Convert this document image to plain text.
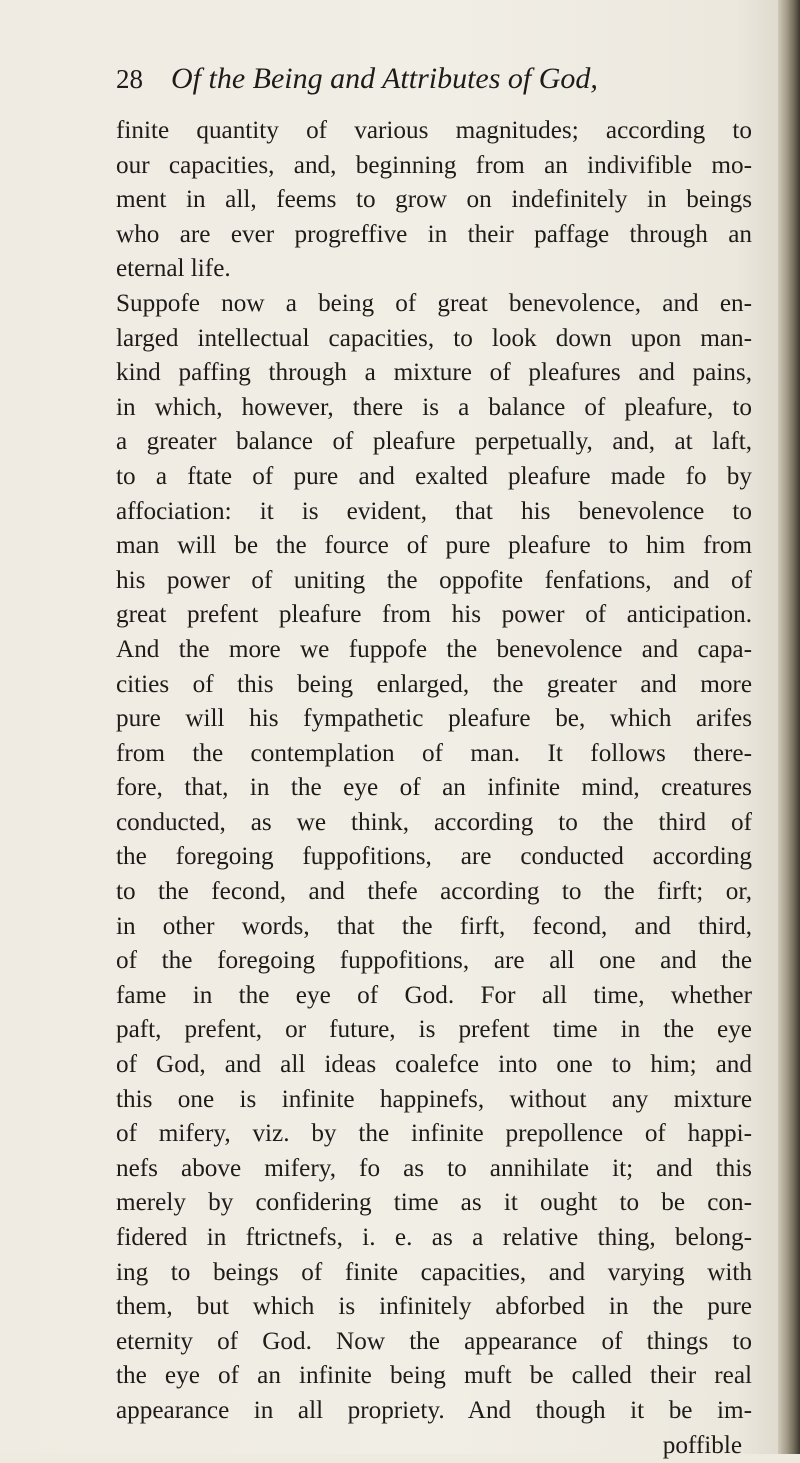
28 Of the Being and Attributes of God,
finite quantity of various magnitudes; according to
our capacities, and, beginning from an indivifible mo-
ment in all, feems to grow on indefinitely in beings
who are ever progreffive in their paffage through an
eternal life.
Suppofe now a being of great benevolence, and en-
larged intellectual capacities, to look down upon man-
kind paffing through a mixture of pleafures and pains,
in which, however, there is a balance of pleafure, to
a greater balance of pleafure perpetually, and, at laft,
to a ftate of pure and exalted pleafure made fo by
affociation: it is evident, that his benevolence to
man will be the fource of pure pleafure to him from
his power of uniting the oppofite fenfations, and of
great prefent pleafure from his power of anticipation.
And the more we fuppofe the benevolence and capa-
cities of this being enlarged, the greater and more
pure will his fympathetic pleafure be, which arifes
from the contemplation of man. It follows there-
fore, that, in the eye of an infinite mind, creatures
conducted, as we think, according to the third of
the foregoing fuppofitions, are conducted according
to the fecond, and thefe according to the firft; or,
in other words, that the firft, fecond, and third,
of the foregoing fuppofitions, are all one and the
fame in the eye of God. For all time, whether
paft, prefent, or future, is prefent time in the eye
of God, and all ideas coalefce into one to him; and
this one is infinite happinefs, without any mixture
of mifery, viz. by the infinite prepollence of happi-
nefs above mifery, fo as to annihilate it; and this
merely by confidering time as it ought to be con-
fidered in ftrictnefs, i. e. as a relative thing, belong-
ing to beings of finite capacities, and varying with
them, but which is infinitely abforbed in the pure
eternity of God. Now the appearance of things to
the eye of an infinite being muft be called their real
appearance in all propriety. And though it be im-
poffible
